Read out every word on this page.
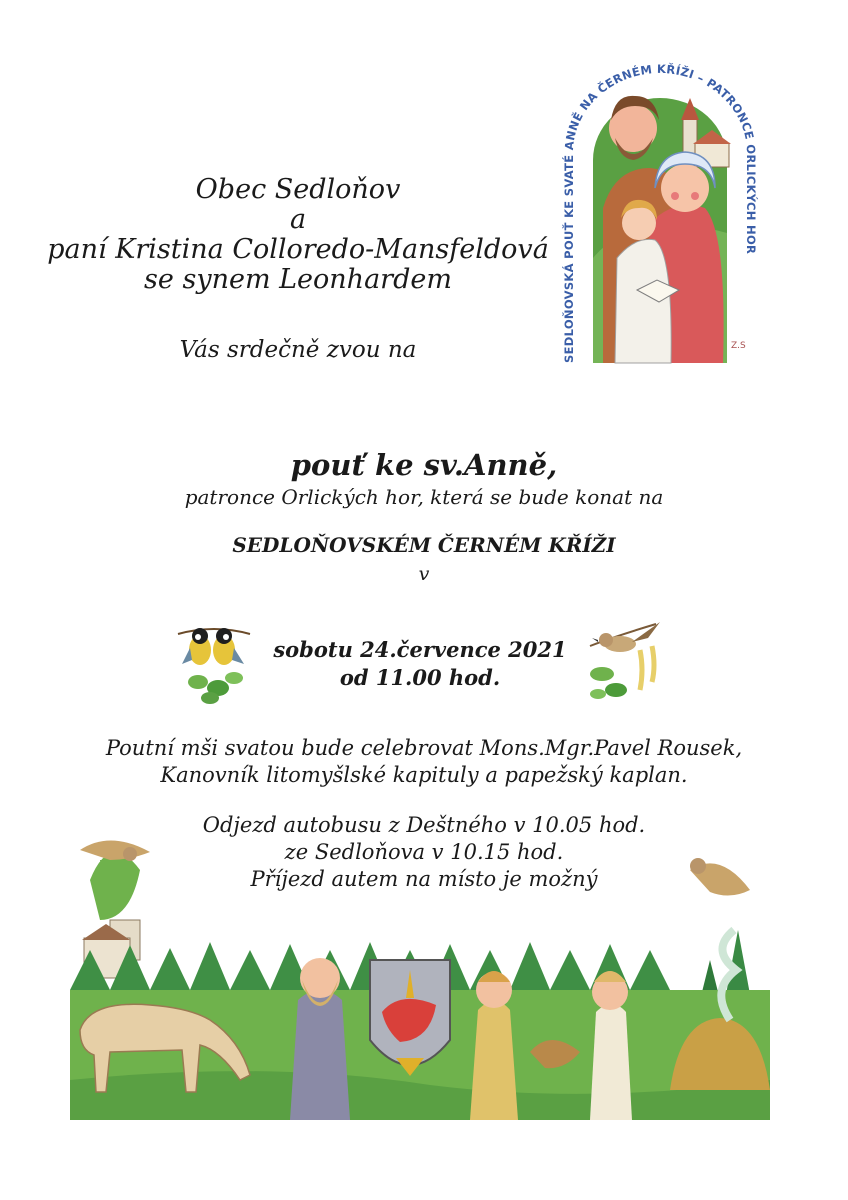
Obec Sedloňov
a
paní Kristina Colloredo-Mansfeldová
se synem Leonhardem
Vás srdečně zvou na
pouť ke sv.Anně,
patronce Orlických hor, která se bude konat na
SEDLOŇOVSKÉM ČERNÉM KŘÍŽI
v
sobotu 24.července 2021
od 11.00 hod.
Poutní mši svatou bude celebrovat Mons.Mgr.Pavel Rousek,
Kanovník litomyšlské kapituly a papežský kaplan.
Odjezd autobusu z Deštného v 10.05 hod.
ze Sedloňova v 10.15 hod.
Příjezd autem na místo je možný
SEDLOŇOVSKÁ POUŤ KE SVATÉ ANNĚ NA ČERNÉM KŘÍŽI – PATRONCE ORLICKÝCH HOR
Z.S
